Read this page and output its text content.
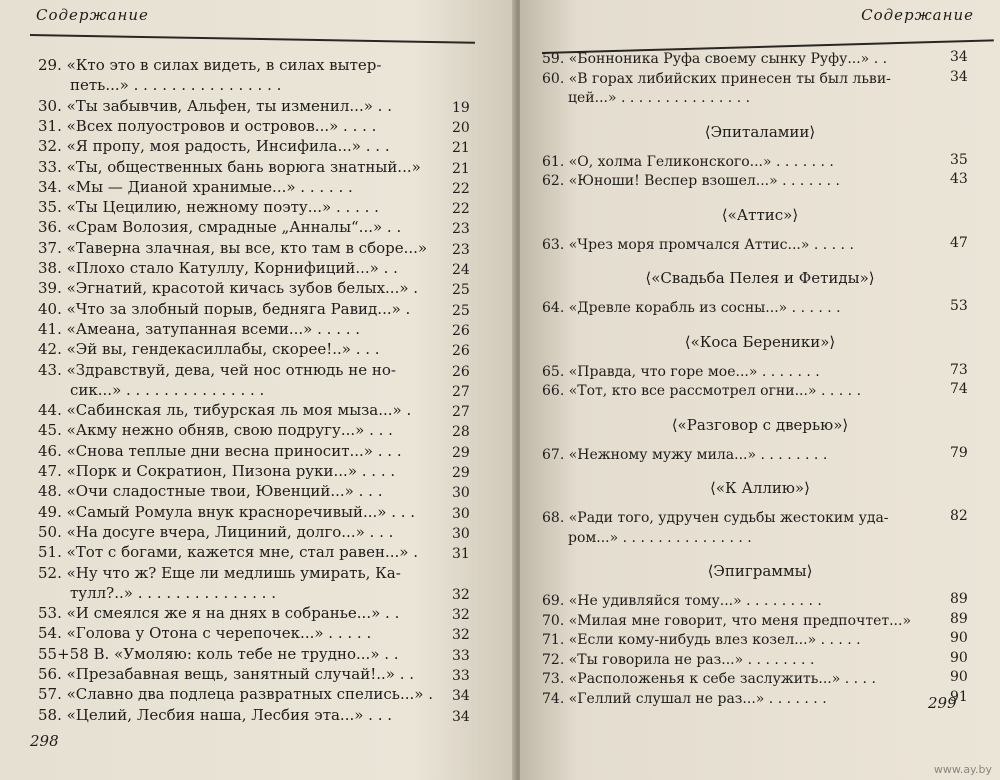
Содержание
29. «Кто это в силах видеть, в силах вытер-
петь...» . . . . . . . . . . . . . . . .
30. «Ты забывчив, Альфен, ты изменил...» . .	19
31. «Всех полуостровов и островов...» . . . .	20
32. «Я пропу, моя радость, Инсифила...» . . .	21
33. «Ты, общественных бань ворюга знатный...» 21
34. «Мы — Дианой хранимые...» . . . . . .	22
35. «Ты Цецилию, нежному поэту...» . . . . .	22
36. «Срам Волозия, смрадные „Анналы“...» . .	23
37. «Таверна злачная, вы все, кто там в сборе...» 23
38. «Плохо стало Катуллу, Корнифиций...» . .	24
39. «Эгнатий, красотой кичась зубов белых...» . 25
40. «Что за злобный порыв, бедняга Равид...» .	25
41. «Амеана, затупанная всеми...» . . . . .	26
42. «Эй вы, гендекасиллабы, скорее!..» . . .	26
43. «Здравствуй, дева, чей нос отнюдь не но-	26
сик...» . . . . . . . . . . . . . . .	27
44. «Сабинская ль, тибурская ль моя мыза...» .	27
45. «Акму нежно обняв, свою подругу...» . . .	28
46. «Снова теплые дни весна приносит...» . . .	29
47. «Порк и Сократион, Пизона руки...» . . . .	29
48. «Очи сладостные твои, Ювенций...» . . .	30
49. «Самый Ромула внук красноречивый...» . . .	30
50. «На досуге вчера, Лициний, долго...» . . .	30
51. «Тот с богами, кажется мне, стал равен...» . 31
52. «Ну что ж? Еще ли медлишь умирать, Ка-
тулл?..» . . . . . . . . . . . . . . .	32
53. «И смеялся же я на днях в собранье...» . .	32
54. «Голова у Отона с черепочек...» . . . . .	32
55+58 В. «Умоляю: коль тебе не трудно...» . .	33
56. «Презабавная вещь, занятный случай!..» . .	33
57. «Славно два подлеца развратных спелись...» . 34
58. «Целий, Лесбия наша, Лесбия эта...» . . .	34
298
Содержание
59. «Бонноника Руфа своему сынку Руфу...» . .	34
60. «В горах либийских принесен ты был льви-	34
цей...» . . . . . . . . . . . . . . .
⟨Эпиталамии⟩
61. «О, холма Геликонского...» . . . . . . .	35
62. «Юноши! Веспер взошел...» . . . . . . .	43
⟨«Аттис»⟩
63. «Чрез моря промчался Аттис...» . . . . .	47
⟨«Свадьба Пелея и Фетиды»⟩
64. «Древле корабль из сосны...» . . . . . .	53
⟨«Коса Береники»⟩
65. «Правда, что горе мое...» . . . . . . .	73
66. «Тот, кто все рассмотрел огни...» . . . . .	74
⟨«Разговор с дверью»⟩
67. «Нежному мужу мила...» . . . . . . . .	79
⟨«К Аллию»⟩
68. «Ради того, удручен судьбы жестоким уда-	82
ром...» . . . . . . . . . . . . . . .
⟨Эпиграммы⟩
69. «Не удивляйся тому...» . . . . . . . . .	89
70. «Милая мне говорит, что меня предпочтет...»	89
71. «Если кому-нибудь влез козел...» . . . . .	90
72. «Ты говорила не раз...» . . . . . . . .	90
73. «Расположенья к себе заслужить...» . . . .	90
74. «Геллий слушал не раз...» . . . . . . .	91
299
www.ay.by
